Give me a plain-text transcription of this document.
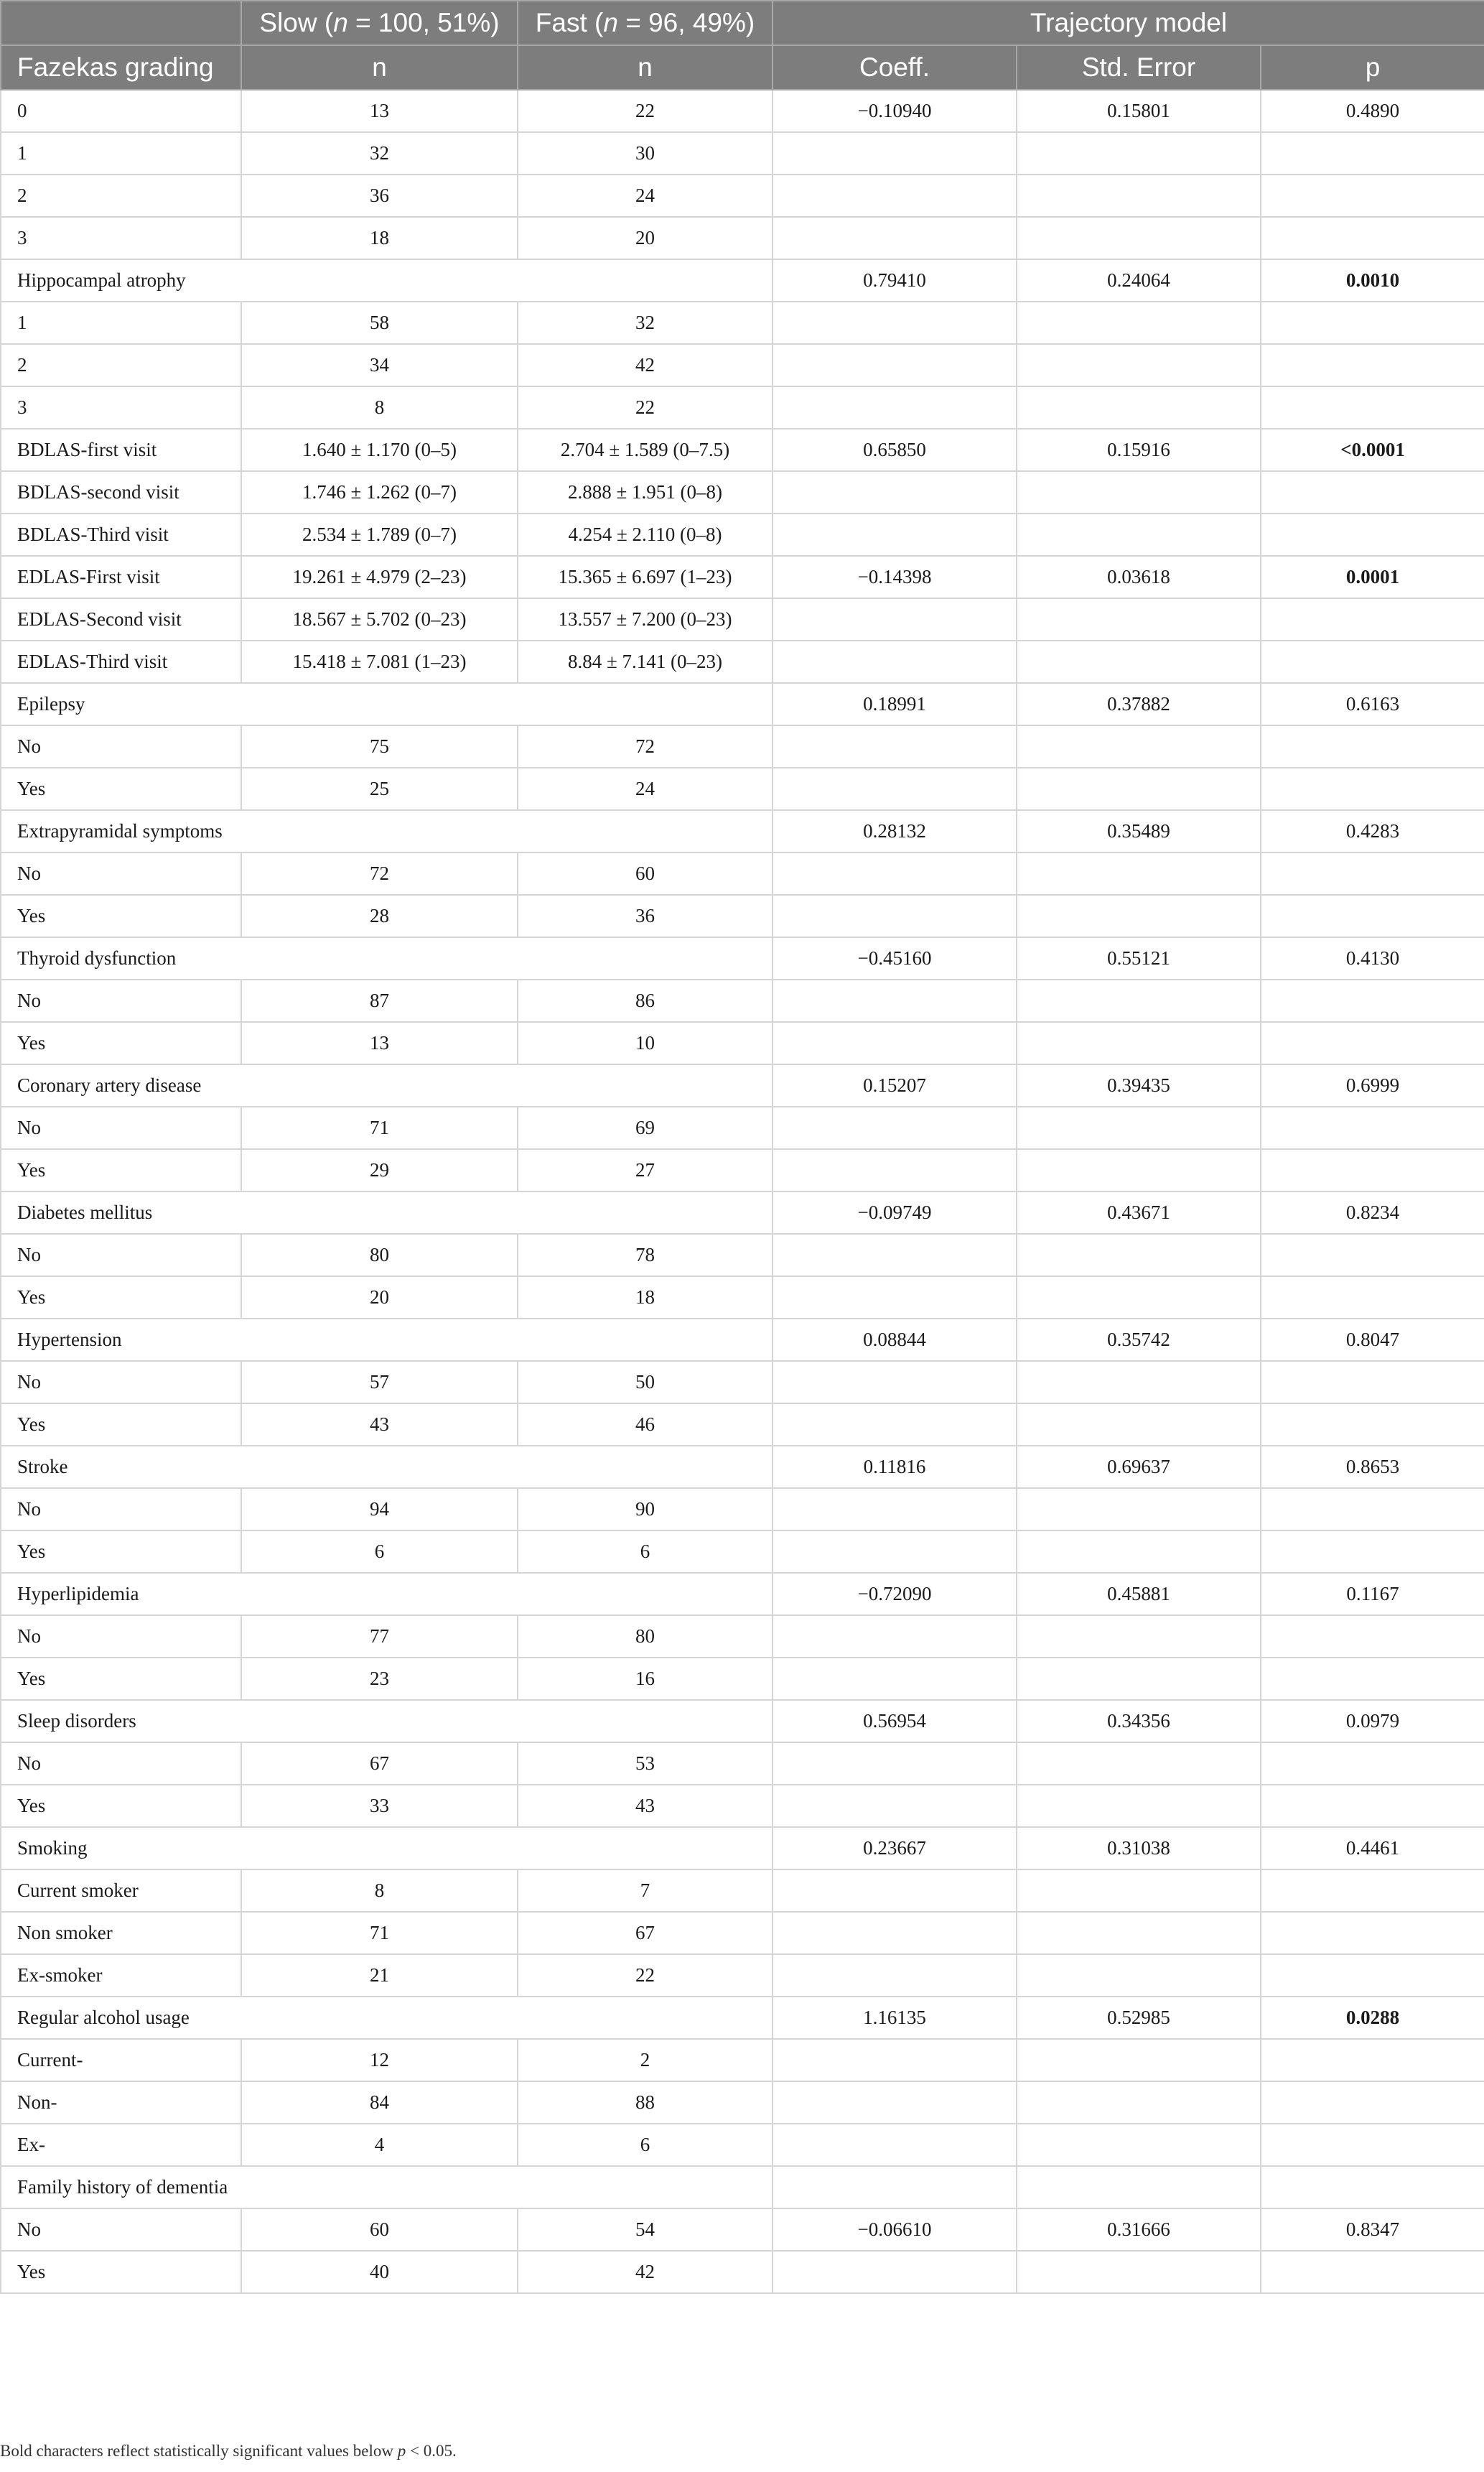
	Slow (n = 100, 51%)	Fast (n = 96, 49%)	Trajectory model		
Fazekas grading	n	n	Coeff.	Std. Error	p
0	13	22	−0.10940	0.15801	0.4890
1	32	30			
2	36	24			
3	18	20			
Hippocampal atrophy			0.79410	0.24064	0.0010
1	58	32			
2	34	42			
3	8	22			
BDLAS-first visit	1.640 ± 1.170 (0–5)	2.704 ± 1.589 (0–7.5)	0.65850	0.15916	<0.0001
BDLAS-second visit	1.746 ± 1.262 (0–7)	2.888 ± 1.951 (0–8)			
BDLAS-Third visit	2.534 ± 1.789 (0–7)	4.254 ± 2.110 (0–8)			
EDLAS-First visit	19.261 ± 4.979 (2–23)	15.365 ± 6.697 (1–23)	−0.14398	0.03618	0.0001
EDLAS-Second visit	18.567 ± 5.702 (0–23)	13.557 ± 7.200 (0–23)			
EDLAS-Third visit	15.418 ± 7.081 (1–23)	8.84 ± 7.141 (0–23)			
Epilepsy			0.18991	0.37882	0.6163
No	75	72			
Yes	25	24			
Extrapyramidal symptoms			0.28132	0.35489	0.4283
No	72	60			
Yes	28	36			
Thyroid dysfunction			−0.45160	0.55121	0.4130
No	87	86			
Yes	13	10			
Coronary artery disease			0.15207	0.39435	0.6999
No	71	69			
Yes	29	27			
Diabetes mellitus			−0.09749	0.43671	0.8234
No	80	78			
Yes	20	18			
Hypertension			0.08844	0.35742	0.8047
No	57	50			
Yes	43	46			
Stroke			0.11816	0.69637	0.8653
No	94	90			
Yes	6	6			
Hyperlipidemia			−0.72090	0.45881	0.1167
No	77	80			
Yes	23	16			
Sleep disorders			0.56954	0.34356	0.0979
No	67	53			
Yes	33	43			
Smoking			0.23667	0.31038	0.4461
Current smoker	8	7			
Non smoker	71	67			
Ex-smoker	21	22			
Regular alcohol usage			1.16135	0.52985	0.0288
Current-	12	2			
Non-	84	88			
Ex-	4	6			
Family history of dementia					
No	60	54	−0.06610	0.31666	0.8347
Yes	40	42			
Bold characters reflect statistically significant values below p < 0.05.
